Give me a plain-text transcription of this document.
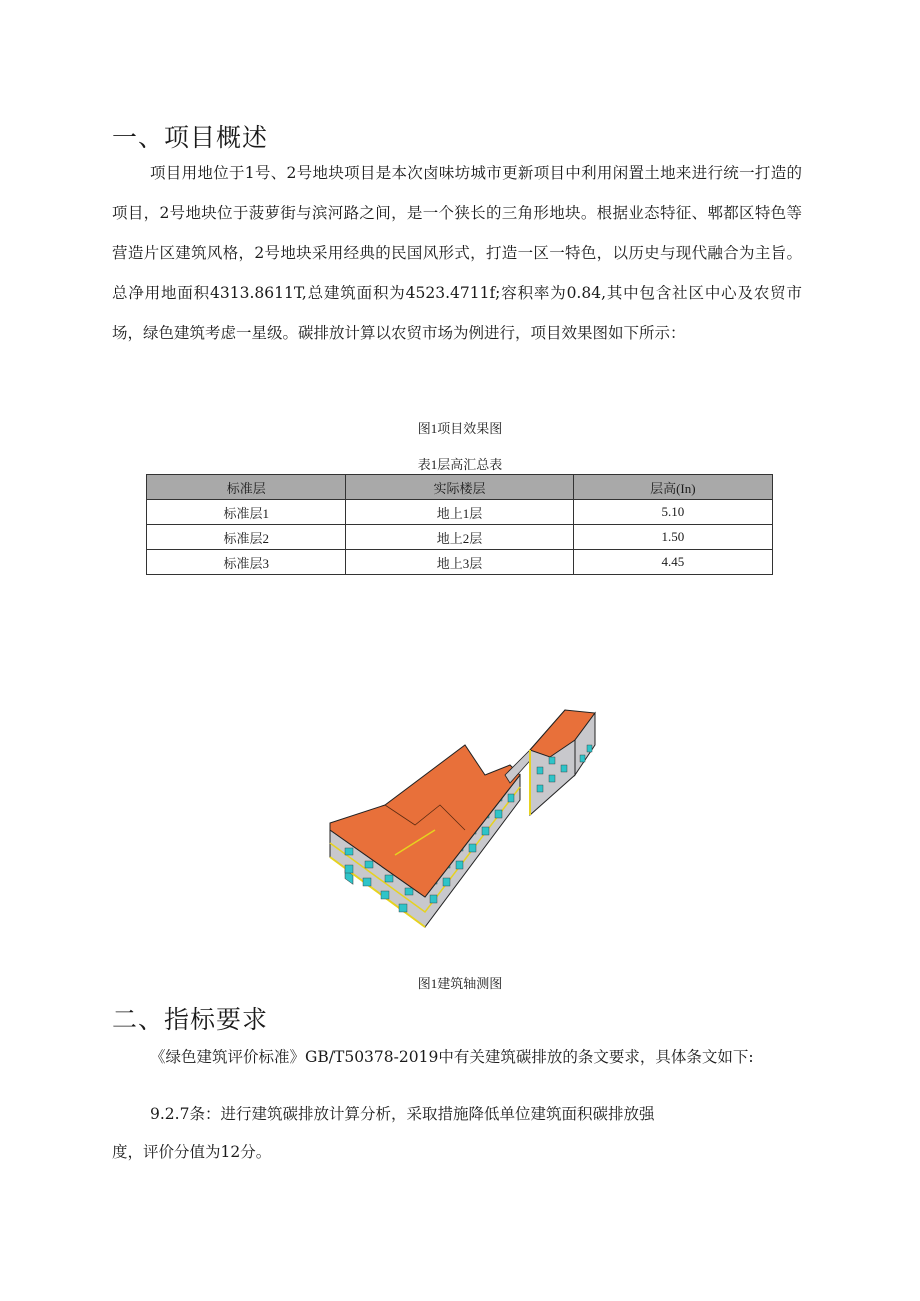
一、项目概述

项目用地位于1号、2号地块项目是本次卤味坊城市更新项目中利用闲置土地来进行统一打造的项目，2号地块位于菠萝街与滨河路之间，是一个狭长的三角形地块。根据业态特征、郫都区特色等营造片区建筑风格，2号地块采用经典的民国风形式，打造一区一特色，以历史与现代融合为主旨。总净用地面积4313.8611T,总建筑面积为4523.4711f;容积率为0.84,其中包含社区中心及农贸市场，绿色建筑考虑一星级。碳排放计算以农贸市场为例进行，项目效果图如下所示：

图1项目效果图
表1层高汇总表
标准层	实际楼层	层高(In)
标准层1	地上1层	5.10
标准层2	地上2层	1.50
标准层3	地上3层	4.45
图1建筑轴测图
二、指标要求

《绿色建筑评价标准》GB/T50378-2019中有关建筑碳排放的条文要求，具体条文如下:

9.2.7条：进行建筑碳排放计算分析，采取措施降低单位建筑面积碳排放强

度，评价分值为12分。
